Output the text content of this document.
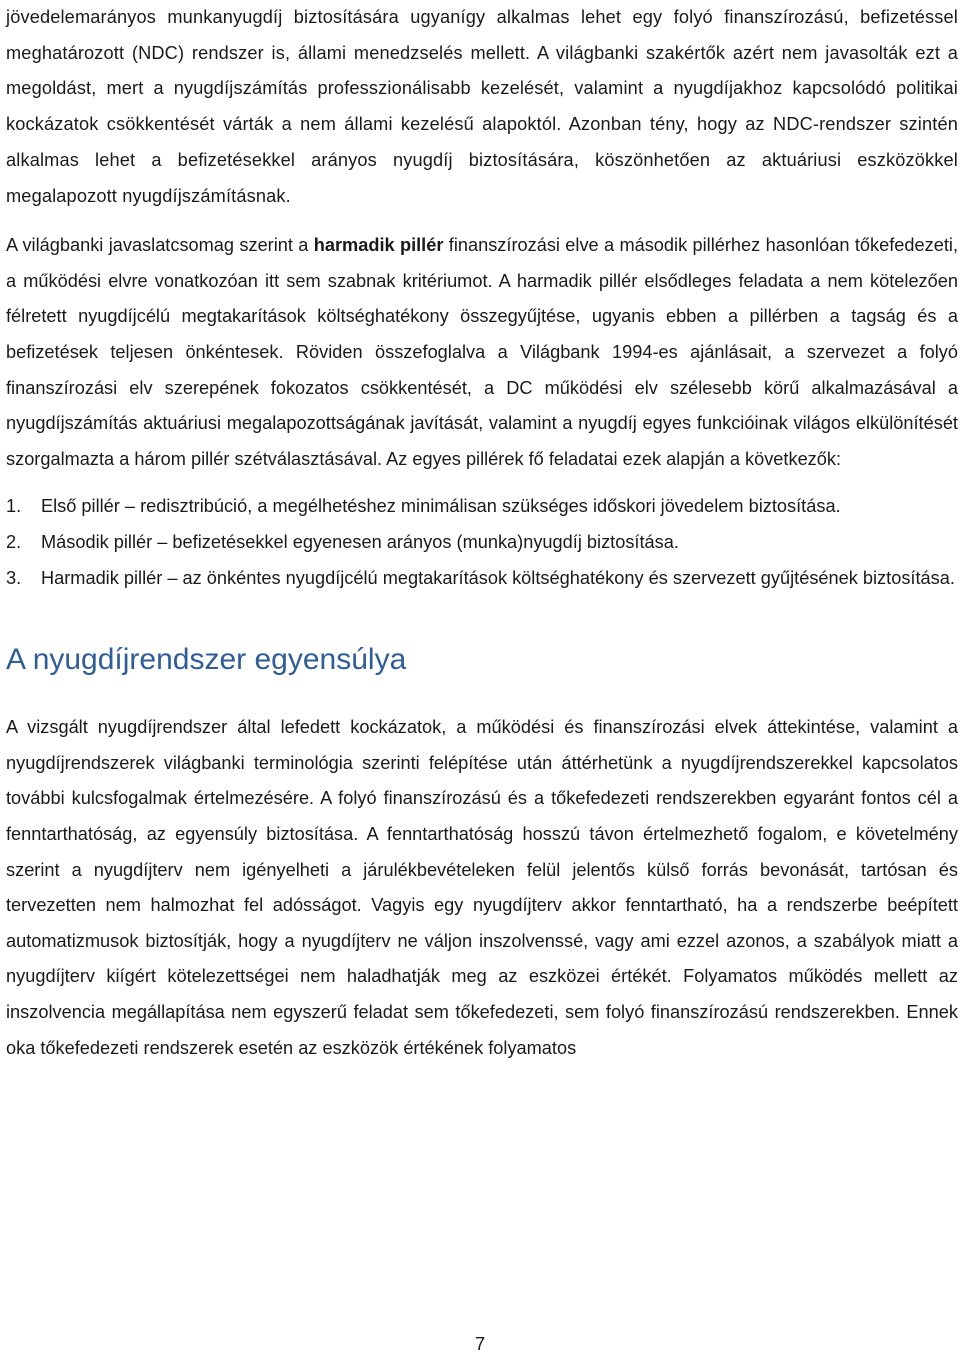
jövedelemarányos munkanyugdíj biztosítására ugyanígy alkalmas lehet egy folyó finanszírozású, befizetéssel meghatározott (NDC) rendszer is, állami menedzselés mellett. A világbanki szakértők azért nem javasolták ezt a megoldást, mert a nyugdíjszámítás professzionálisabb kezelését, valamint a nyugdíjakhoz kapcsolódó politikai kockázatok csökkentését várták a nem állami kezelésű alapoktól. Azonban tény, hogy az NDC-rendszer szintén alkalmas lehet a befizetésekkel arányos nyugdíj biztosítására, köszönhetően az aktuáriusi eszközökkel megalapozott nyugdíjszámításnak.

A világbanki javaslatcsomag szerint a harmadik pillér finanszírozási elve a második pillérhez hasonlóan tőkefedezeti, a működési elvre vonatkozóan itt sem szabnak kritériumot. A harmadik pillér elsődleges feladata a nem kötelezően félretett nyugdíjcélú megtakarítások költséghatékony összegyűjtése, ugyanis ebben a pillérben a tagság és a befizetések teljesen önkéntesek. Röviden összefoglalva a Világbank 1994-es ajánlásait, a szervezet a folyó finanszírozási elv szerepének fokozatos csökkentését, a DC működési elv szélesebb körű alkalmazásával a nyugdíjszámítás aktuáriusi megalapozottságának javítását, valamint a nyugdíj egyes funkcióinak világos elkülönítését szorgalmazta a három pillér szétválasztásával. Az egyes pillérek fő feladatai ezek alapján a következők:

1. Első pillér – redisztribúció, a megélhetéshez minimálisan szükséges időskori jövedelem biztosítása.
2. Második pillér – befizetésekkel egyenesen arányos (munka)nyugdíj biztosítása.
3. Harmadik pillér – az önkéntes nyugdíjcélú megtakarítások költséghatékony és szervezett gyűjtésének biztosítása.
A nyugdíjrendszer egyensúlya

A vizsgált nyugdíjrendszer által lefedett kockázatok, a működési és finanszírozási elvek áttekintése, valamint a nyugdíjrendszerek világbanki terminológia szerinti felépítése után áttérhetünk a nyugdíjrendszerekkel kapcsolatos további kulcsfogalmak értelmezésére. A folyó finanszírozású és a tőkefedezeti rendszerekben egyaránt fontos cél a fenntarthatóság, az egyensúly biztosítása. A fenntarthatóság hosszú távon értelmezhető fogalom, e követelmény szerint a nyugdíjterv nem igényelheti a járulékbevételeken felül jelentős külső forrás bevonását, tartósan és tervezetten nem halmozhat fel adósságot. Vagyis egy nyugdíjterv akkor fenntartható, ha a rendszerbe beépített automatizmusok biztosítják, hogy a nyugdíjterv ne váljon inszolvenssé, vagy ami ezzel azonos, a szabályok miatt a nyugdíjterv kiígért kötelezettségei nem haladhatják meg az eszközei értékét. Folyamatos működés mellett az inszolvencia megállapítása nem egyszerű feladat sem tőkefedezeti, sem folyó finanszírozású rendszerekben. Ennek oka tőkefedezeti rendszerek esetén az eszközök értékének folyamatos

7
